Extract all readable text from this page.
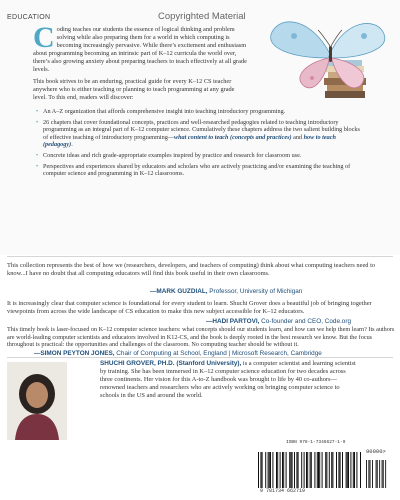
EDUCATION	Copyrighted Material

Coding teaches our students the essence of logical thinking and problem solving while also preparing them for a world in which computing is becoming increasingly pervasive. While there’s excitement and enthusiasm about programming becoming an intrinsic part of K–12 curricula the world over, there’s also growing anxiety about preparing teachers to teach effectively at all grade levels.

This book strives to be an enduring, practical guide for every K–12 CS teacher anywhere who is either teaching or planning to teach programming at any grade level. To this end, readers will discover:

• An A–Z organization that affords comprehensive insight into teaching introductory programming.
• 26 chapters that cover foundational concepts, practices and well-researched pedagogies related to teaching introductory programming as an integral part of K–12 computer science. Cumulatively these chapters address the two salient building blocks of effective teaching of introductory programming—what content to teach (concepts and practices) and how to teach (pedagogy).
• Concrete ideas and rich grade-appropriate examples inspired by practice and research for classroom use.
• Perspectives and experiences shared by educators and scholars who are actively practicing and/or examining the teaching of computer science and programming in K–12 classrooms.
This collection represents the best of how we (researchers, developers, and teachers of computing) think about what computing teachers need to know...I have no doubt that all computing educators will find this book useful in their own classrooms.
—MARK GUZDIAL, Professor, University of Michigan
It is increasingly clear that computer science is foundational for every student to learn. Shuchi Grover does a beautiful job of bringing together viewpoints from across the wide landscape of CS education to make this new subject accessible for K–12 educators.
—HADI PARTOVI, Co-founder and CEO, Code.org
This timely book is laser-focused on K–12 computer science teachers: what concepts should our students learn, and how can we help them learn? Its authors are world-leading computer scientists and educators involved in K12-CS, and the book is deeply rooted in the best research we know. But the focus throughout is practical: the opportunities and challenges of the classroom. No computing teacher should be without it.
SHUCHI GROVER, PH.D. (Stanford University), is a computer scientist and learning scientist by training. She has been immersed in K–12 computer science education for two decades across three continents. Her vision for this A-to-Z handbook was brought to life by 40 co-authors— renowned teachers and researchers who are actively working on bringing computer science to schools in the US and around the world.
ISBN 978-1-7346627-1-9
90000>
9 781734 662719
—SIMON PEYTON JONES, Chair of Computing at School, England | Microsoft Research, Cambridge
